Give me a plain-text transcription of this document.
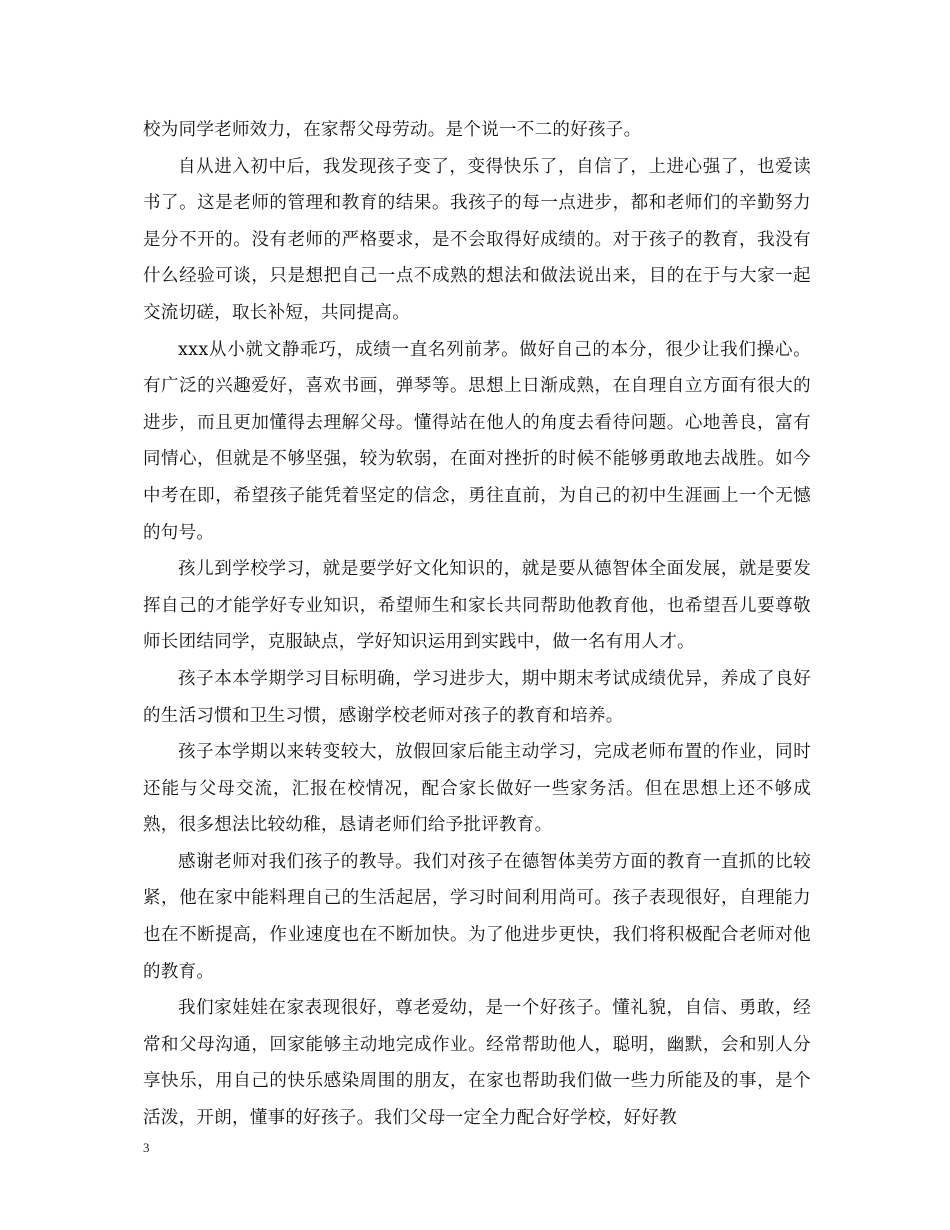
校为同学老师效力，在家帮父母劳动。是个说一不二的好孩子。

自从进入初中后，我发现孩子变了，变得快乐了，自信了，上进心强了，也爱读书了。这是老师的管理和教育的结果。我孩子的每一点进步，都和老师们的辛勤努力是分不开的。没有老师的严格要求，是不会取得好成绩的。对于孩子的教育，我没有什么经验可谈，只是想把自己一点不成熟的想法和做法说出来，目的在于与大家一起交流切磋，取长补短，共同提高。

xxx从小就文静乖巧，成绩一直名列前茅。做好自己的本分，很少让我们操心。有广泛的兴趣爱好，喜欢书画，弹琴等。思想上日渐成熟，在自理自立方面有很大的进步，而且更加懂得去理解父母。懂得站在他人的角度去看待问题。心地善良，富有同情心，但就是不够坚强，较为软弱，在面对挫折的时候不能够勇敢地去战胜。如今中考在即，希望孩子能凭着坚定的信念，勇往直前，为自己的初中生涯画上一个无憾的句号。

孩儿到学校学习，就是要学好文化知识的，就是要从德智体全面发展，就是要发挥自己的才能学好专业知识，希望师生和家长共同帮助他教育他，也希望吾儿要尊敬师长团结同学，克服缺点，学好知识运用到实践中，做一名有用人才。

孩子本本学期学习目标明确，学习进步大，期中期末考试成绩优异，养成了良好的生活习惯和卫生习惯，感谢学校老师对孩子的教育和培养。

孩子本学期以来转变较大，放假回家后能主动学习，完成老师布置的作业，同时还能与父母交流，汇报在校情况，配合家长做好一些家务活。但在思想上还不够成熟，很多想法比较幼稚，恳请老师们给予批评教育。

感谢老师对我们孩子的教导。我们对孩子在德智体美劳方面的教育一直抓的比较紧，他在家中能料理自己的生活起居，学习时间利用尚可。孩子表现很好，自理能力也在不断提高，作业速度也在不断加快。为了他进步更快，我们将积极配合老师对他的教育。

我们家娃娃在家表现很好，尊老爱幼，是一个好孩子。懂礼貌，自信、勇敢，经常和父母沟通，回家能够主动地完成作业。经常帮助他人，聪明，幽默，会和别人分享快乐，用自己的快乐感染周围的朋友，在家也帮助我们做一些力所能及的事，是个活泼，开朗，懂事的好孩子。我们父母一定全力配合好学校，好好教

3
